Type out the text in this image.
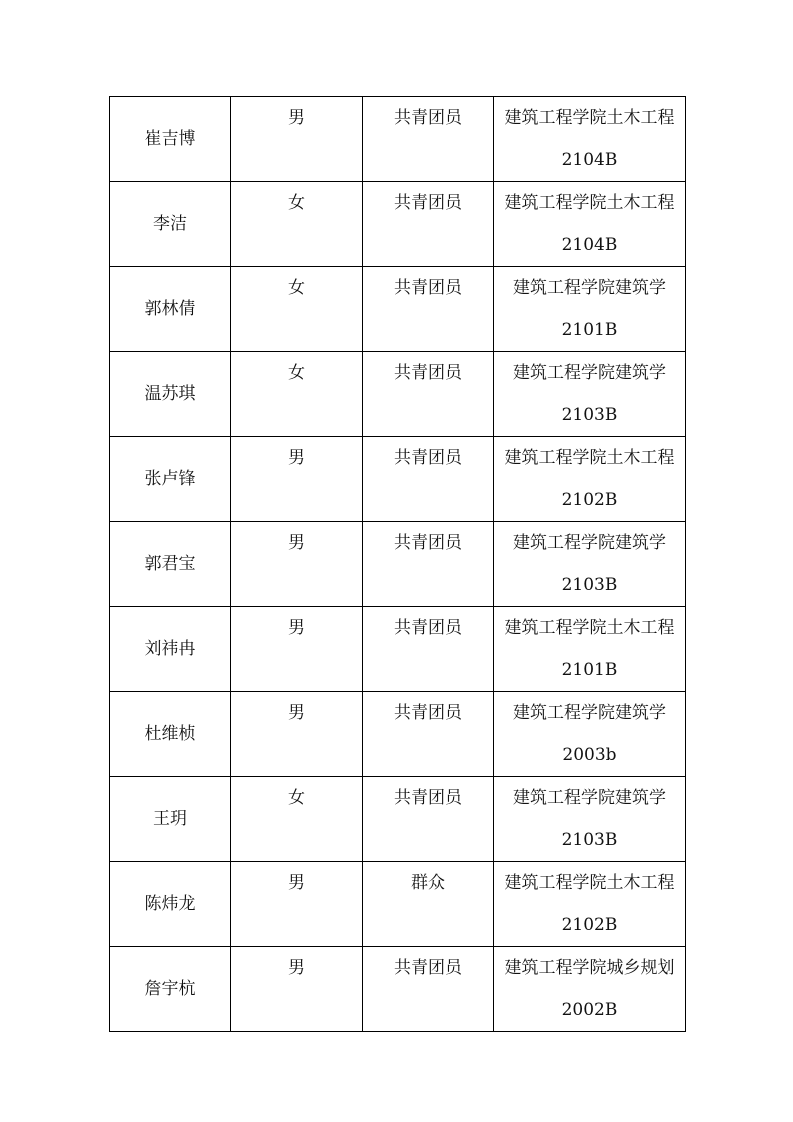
崔吉博	男	共青团员	建筑工程学院土木工程 2104B

李洁	女	共青团员	建筑工程学院土木工程 2104B

郭林倩	女	共青团员	建筑工程学院建筑学2101B

温苏琪	女	共青团员	建筑工程学院建筑学2103B

张卢锋	男	共青团员	建筑工程学院土木工程 2102B

郭君宝	男	共青团员	建筑工程学院建筑学2103B

刘祎冉	男	共青团员	建筑工程学院土木工程 2101B

杜维桢	男	共青团员	建筑工程学院建筑学2003b

王玥	女	共青团员	建筑工程学院建筑学2103B

陈炜龙	男	群众	建筑工程学院土木工程 2102B

詹宇杭	男	共青团员	建筑工程学院城乡规划 2002B
